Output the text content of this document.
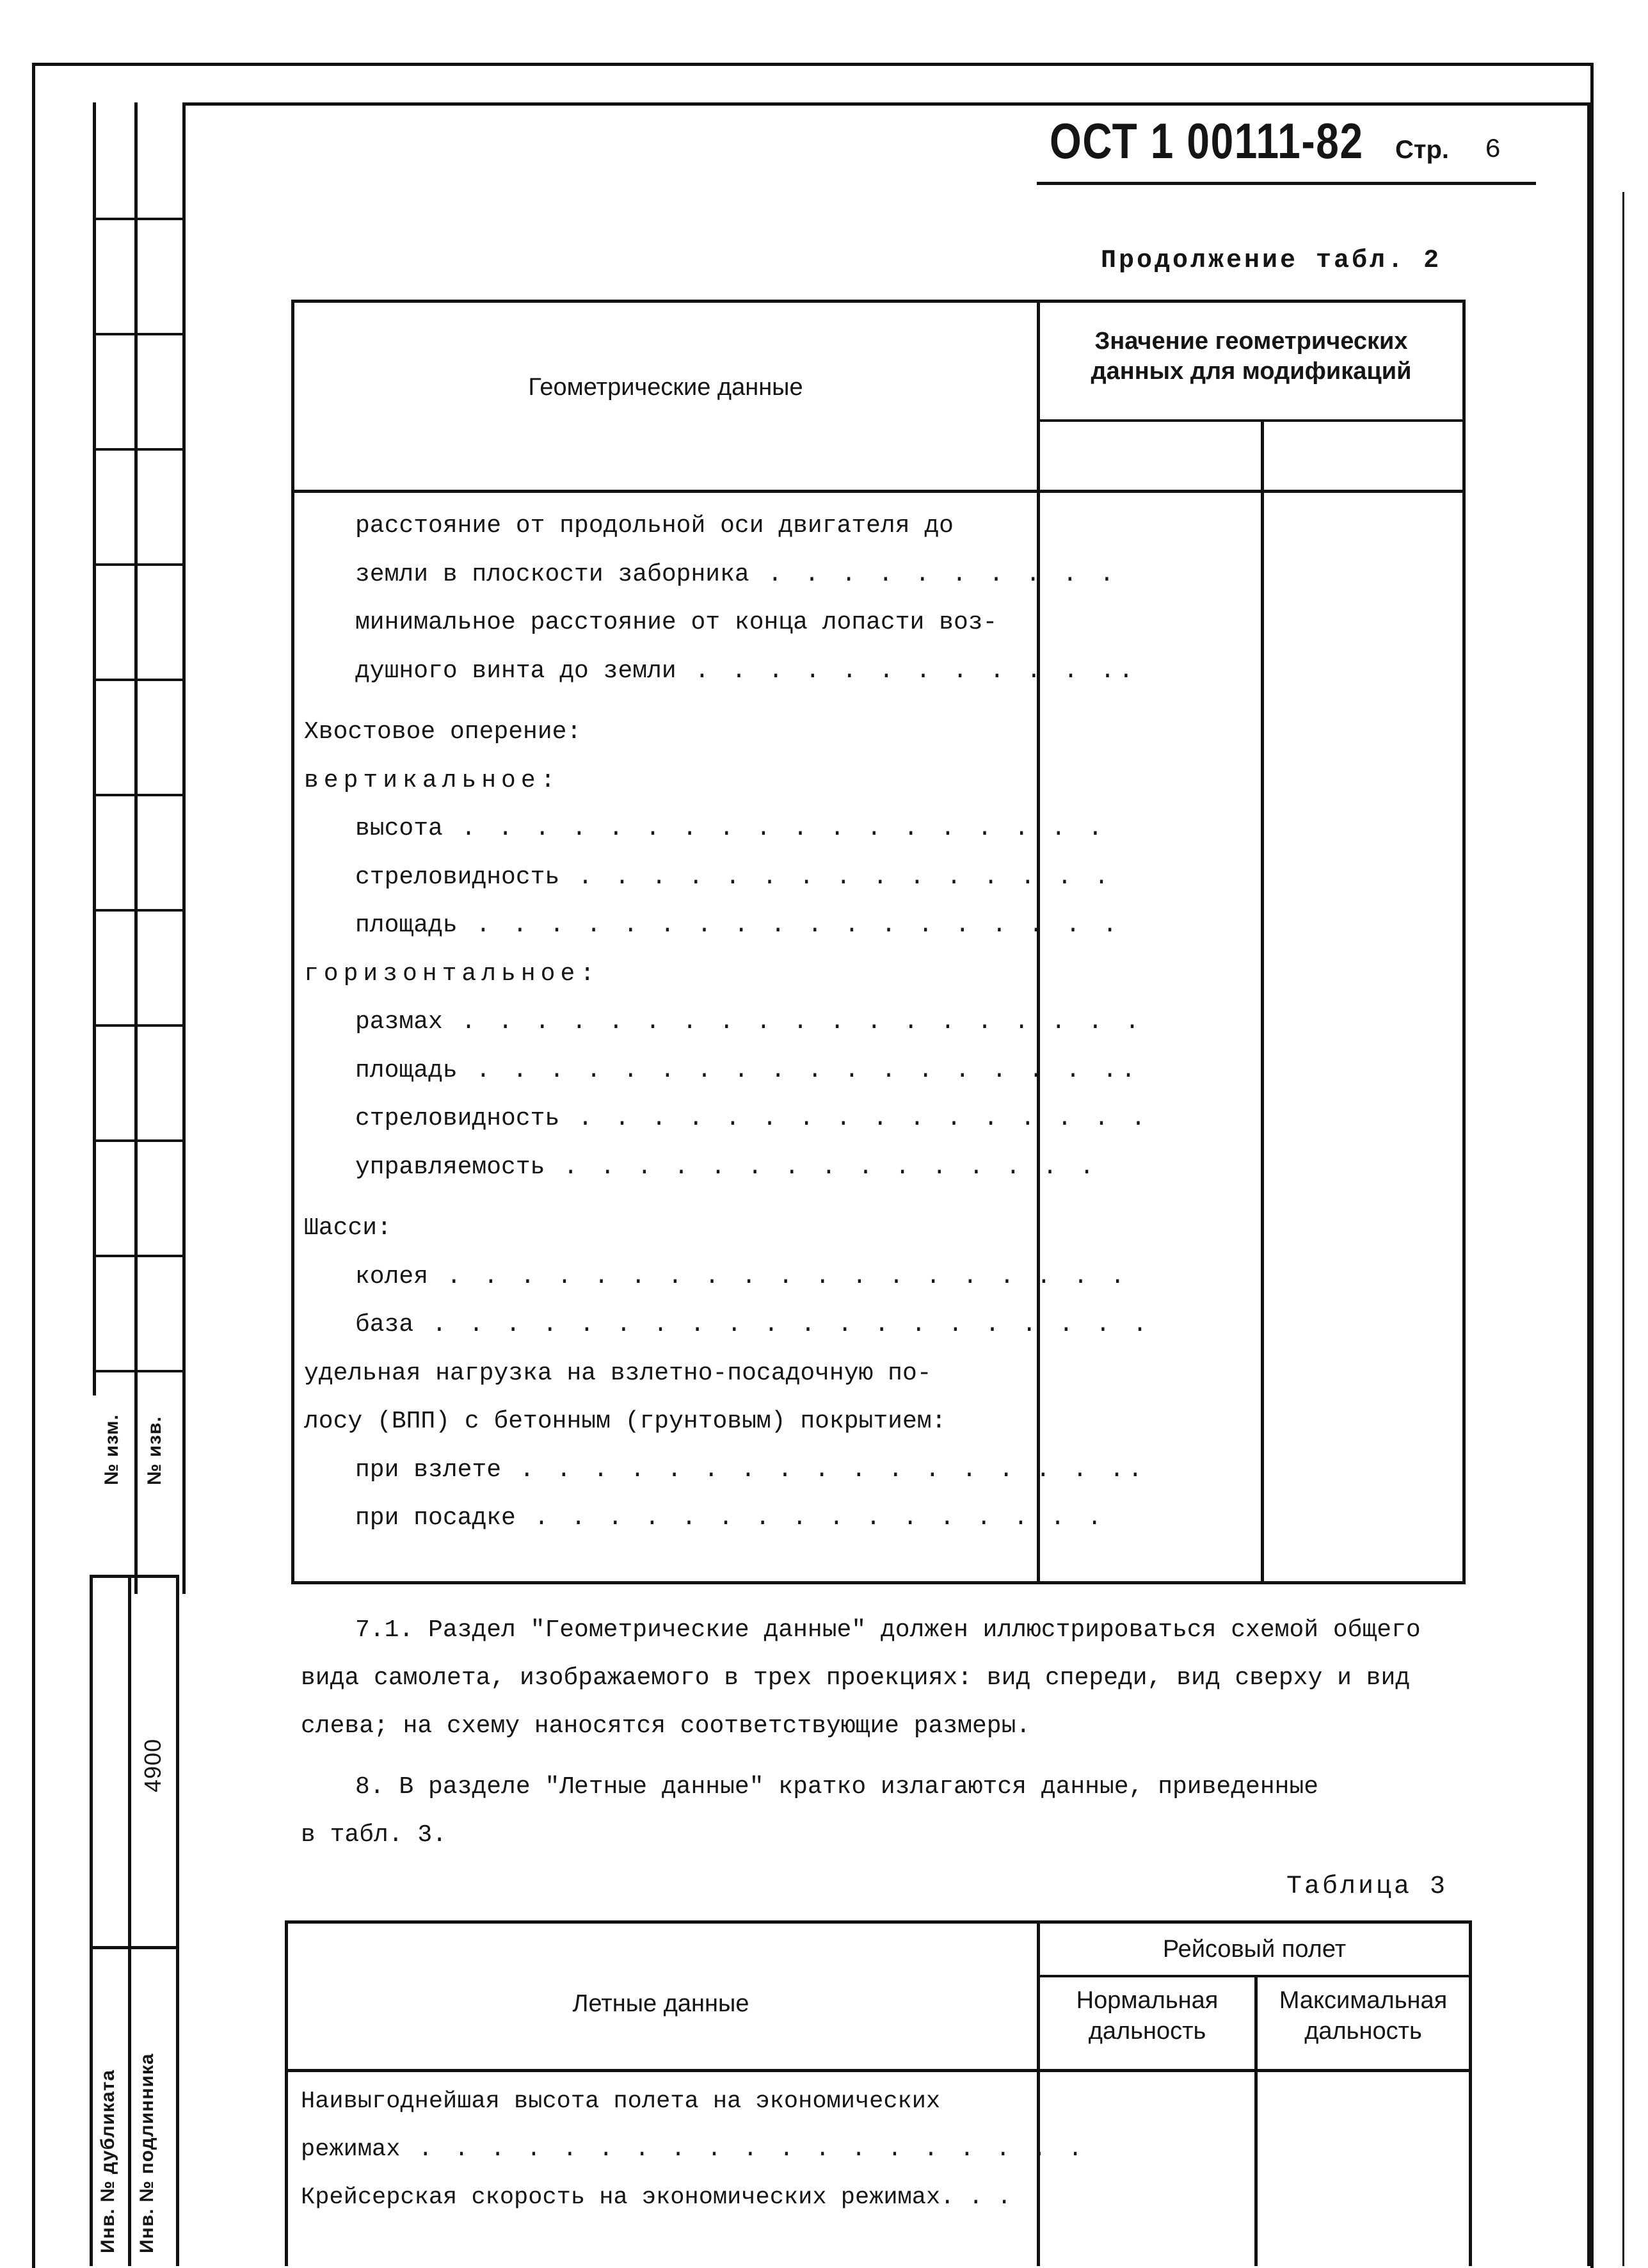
№ изм. № изв.
4900
Инв. № дубликата Инв. № подлинника
ОСТ 1 00111-82 Стр. 6
Продолжение табл. 2
Геометрические данные
Значение геометрических
данных для модификаций
расстояние от продольной оси двигателя до
земли в плоскости заборника . . . . . . . . . .
минимальное расстояние от конца лопасти воз-
душного винта до земли . . . . . . . . . . . ..
Хвостовое оперение:
вертикальное:
высота . . . . . . . . . . . . . . . . . .
стреловидность . . . . . . . . . . . . . . .
площадь . . . . . . . . . . . . . . . . . .
горизонтальное:
размах . . . . . . . . . . . . . . . . . . .
площадь . . . . . . . . . . . . . . . . . ..
стреловидность . . . . . . . . . . . . . . . .
управляемость . . . . . . . . . . . . . . .
Шасси:
колея . . . . . . . . . . . . . . . . . . .
база . . . . . . . . . . . . . . . . . . . .
удельная нагрузка на взлетно-посадочную по-
лосу (ВПП) с бетонным (грунтовым) покрытием:
при взлете . . . . . . . . . . . . . . . . ..
при посадке . . . . . . . . . . . . . . . .
7.1. Раздел "Геометрические данные" должен иллюстрироваться схемой общего
вида самолета, изображаемого в трех проекциях: вид спереди, вид сверху и вид
слева; на схему наносятся соответствующие размеры.
8. В разделе "Летные данные" кратко излагаются данные, приведенные
в табл. 3.
Таблица 3
Летные данные
Рейсовый полет
Нормальная
дальность
Максимальная
дальность
Наивыгоднейшая высота полета на экономических
режимах . . . . . . . . . . . . . . . . . . .
Крейсерская скорость на экономических режимах. . .
